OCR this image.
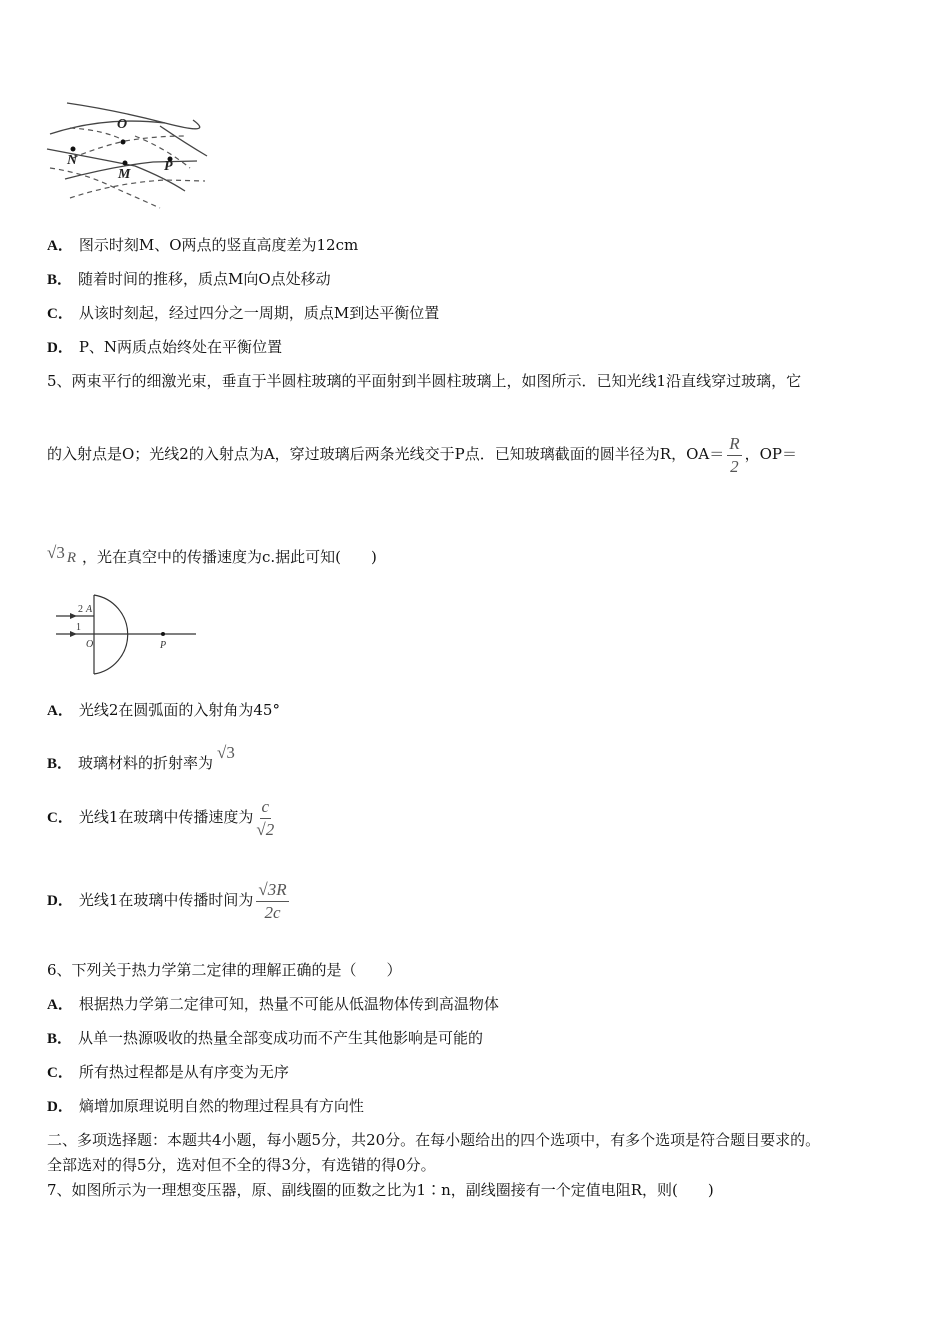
O
N
M
P
A． 图示时刻M、O两点的竖直高度差为12cm
B． 随着时间的推移，质点M向O点处移动
C． 从该时刻起，经过四分之一周期，质点M到达平衡位置
D． P、N两质点始终处在平衡位置
5、两束平行的细激光束，垂直于半圆柱玻璃的平面射到半圆柱玻璃上，如图所示．已知光线1沿直线穿过玻璃，它
的入射点是O；光线2的入射点为A，穿过玻璃后两条光线交于P点．已知玻璃截面的圆半径为R，$OA= \frac{R}{2}$ ，OP＝
√3 R ，光在真空中的传播速度为c.据此可知(　　)
2 A
1
O	P
A． 光线2在圆弧面的入射角为45°
B． 玻璃材料的折射率为√3
C． 光线1在玻璃中传播速度为 $\frac{c}{√2}$
D． 光线1在玻璃中传播时间为 $\frac{√3R}{2c}$
6、下列关于热力学第二定律的理解正确的是（　　）
A． 根据热力学第二定律可知，热量不可能从低温物体传到高温物体
B． 从单一热源吸收的热量全部变成功而不产生其他影响是可能的
C． 所有热过程都是从有序变为无序
D． 熵增加原理说明自然的物理过程具有方向性
二、多项选择题：本题共4小题，每小题5分，共20分。在每小题给出的四个选项中，有多个选项是符合题目要求的。
全部选对的得5分，选对但不全的得3分，有选错的得0分。
7、如图所示为一理想变压器，原、副线圈的匝数之比为1∶n，副线圈接有一个定值电阻R，则(　　)
